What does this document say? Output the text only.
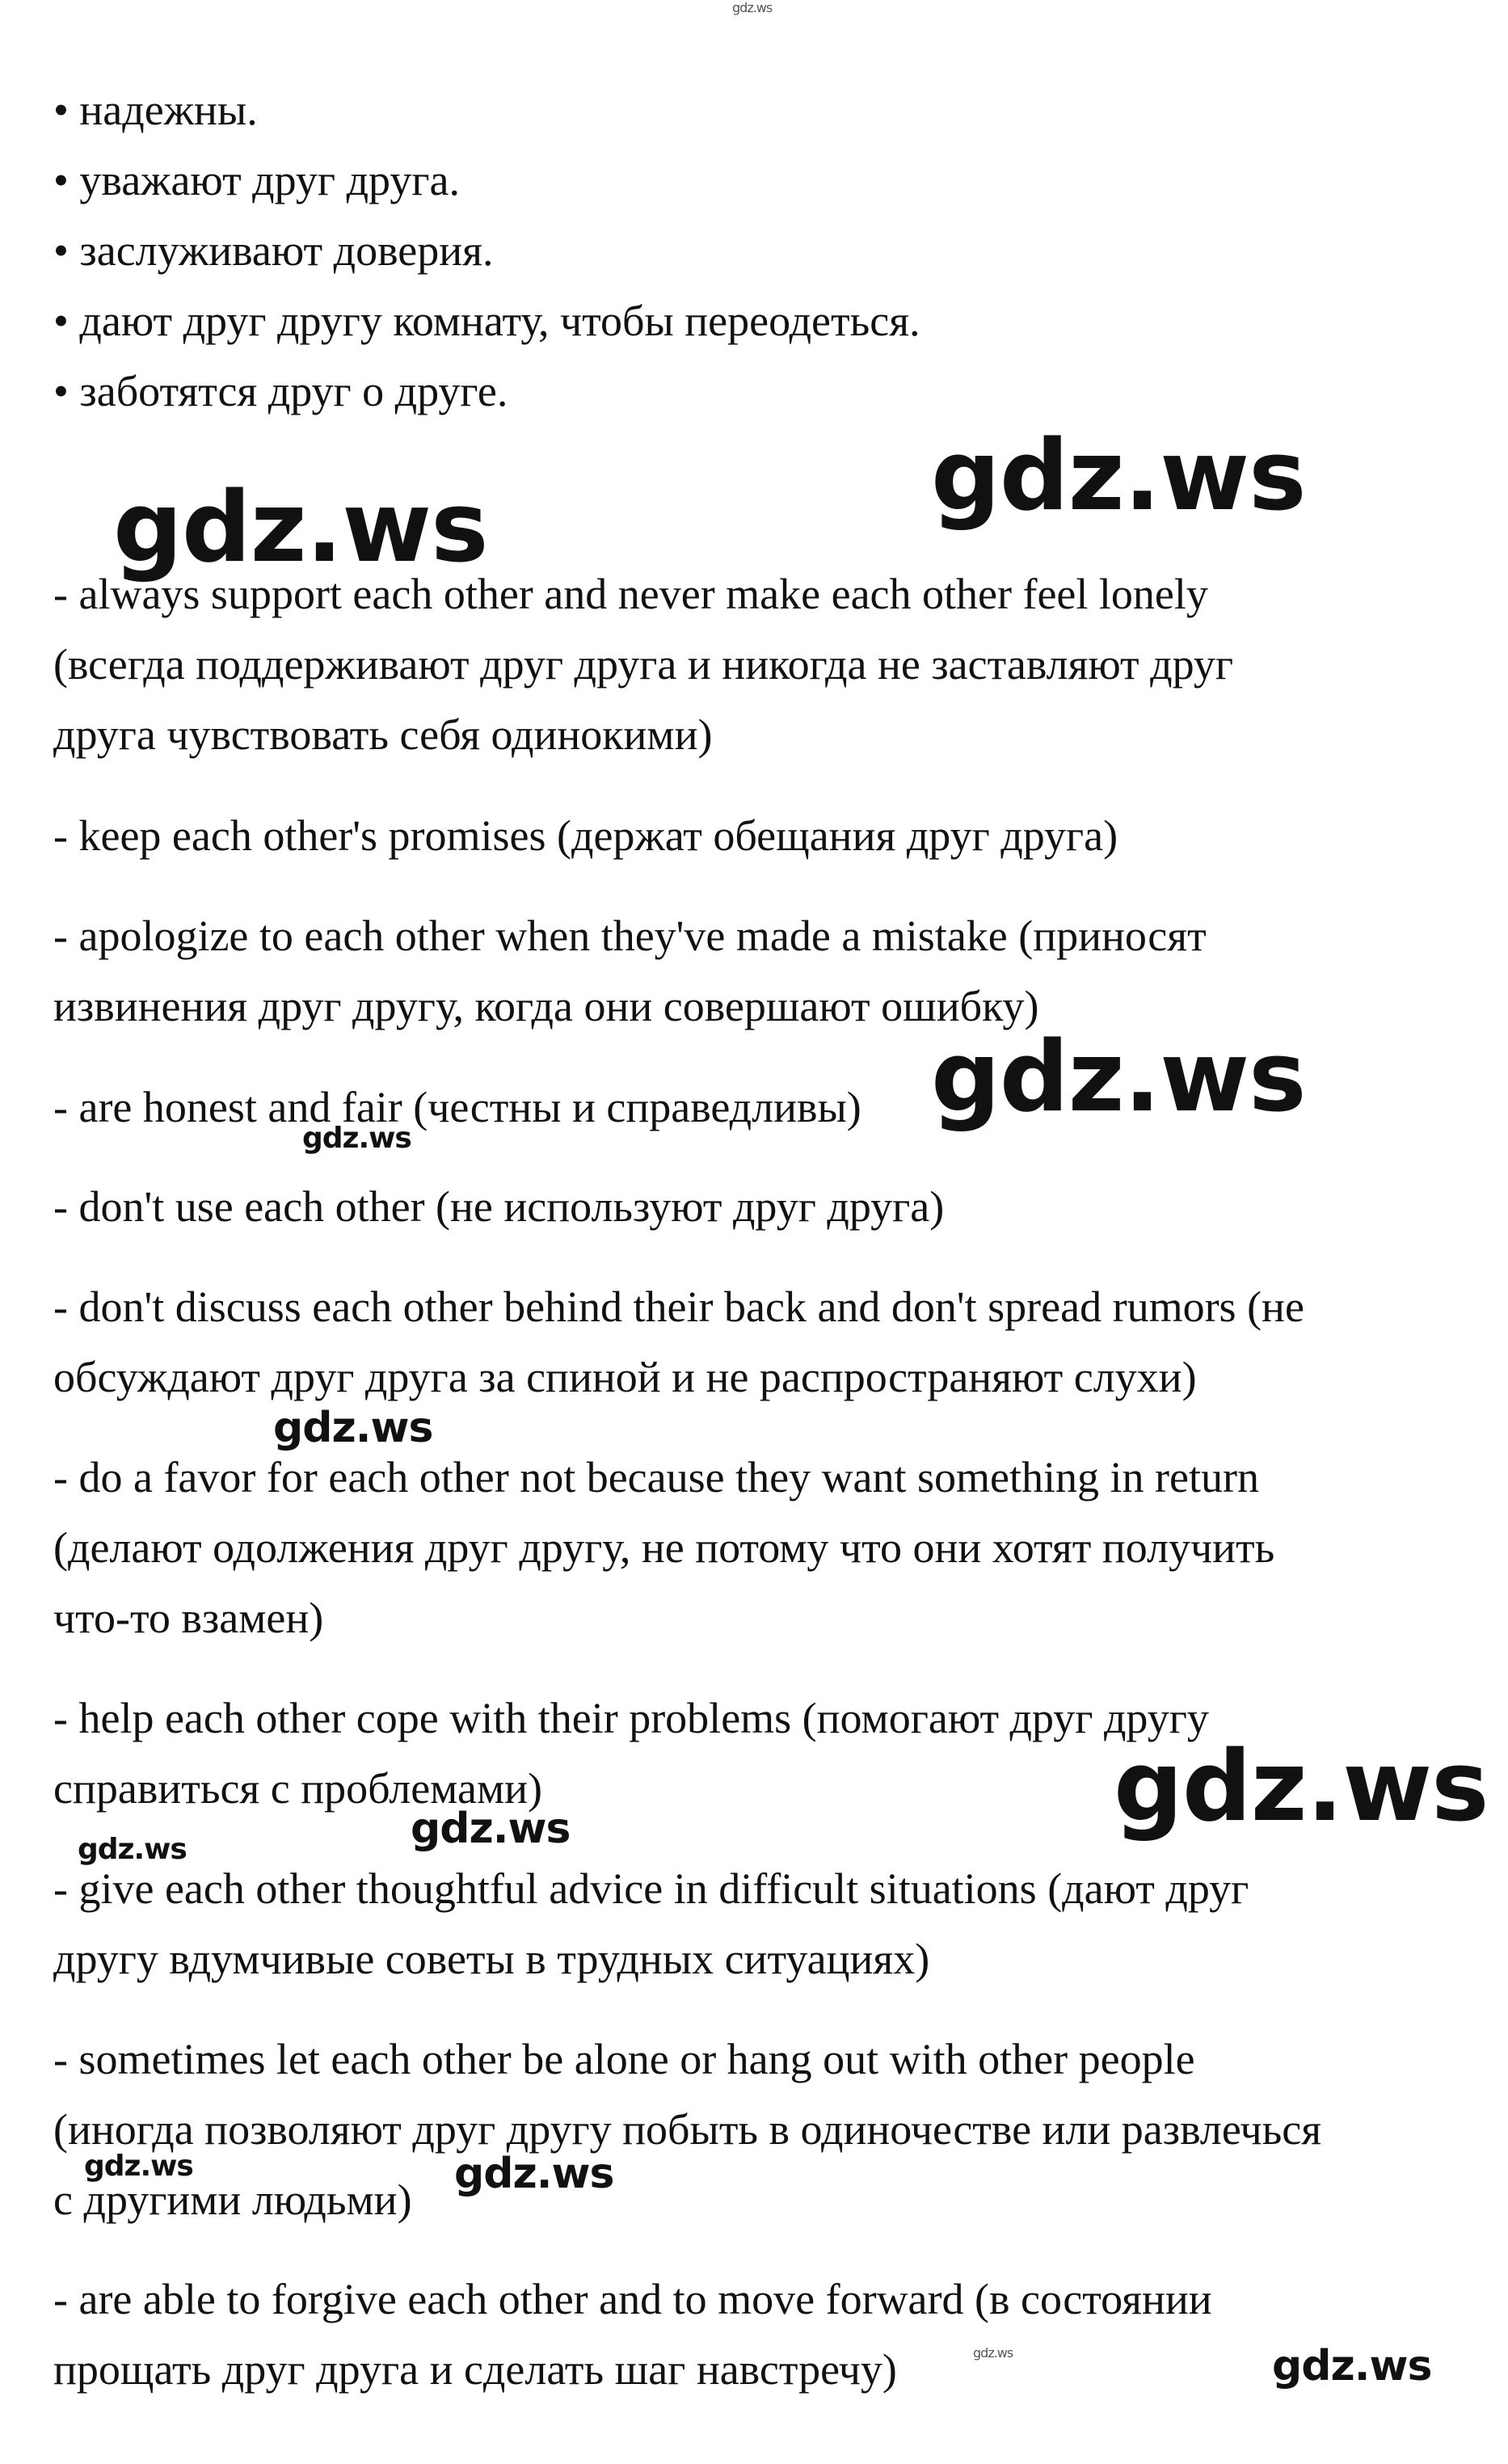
gdz.ws
• надежны.
• уважают друг друга.
• заслуживают доверия.
• дают друг другу комнату, чтобы переодеться.
• заботятся друг о друге.
gdz.ws
gdz.ws
- always support each other and never make each other feel lonely
(всегда поддерживают друг друга и никогда не заставляют друг
друга чувствовать себя одинокими)
- keep each other's promises (держат обещания друг друга)
- apologize to each other when they've made a mistake (приносят
извинения друг другу, когда они совершают ошибку)
- are honest and fair (честны и справедливы) gdz.ws
gdz.ws
- don't use each other (не используют друг друга)
- don't discuss each other behind their back and don't spread rumors (не
обсуждают друг друга за спиной и не распространяют слухи)
gdz.ws
- do a favor for each other not because they want something in return
(делают одолжения друг другу, не потому что они хотят получить
что-то взамен)
- help each other cope with their problems (помогают друг другу
справиться с проблемами)	gdz.ws
gdz.ws
gdz.ws
- give each other thoughtful advice in difficult situations (дают друг
другу вдумчивые советы в трудных ситуациях)
- sometimes let each other be alone or hang out with other people
(иногда позволяют друг другу побыть в одиночестве или развлечься
с другими людьми)
gdz.ws	gdz.ws
- are able to forgive each other and to move forward (в состоянии
прощать друг друга и сделать шаг навстречу)	gdz.ws	gdz.ws
